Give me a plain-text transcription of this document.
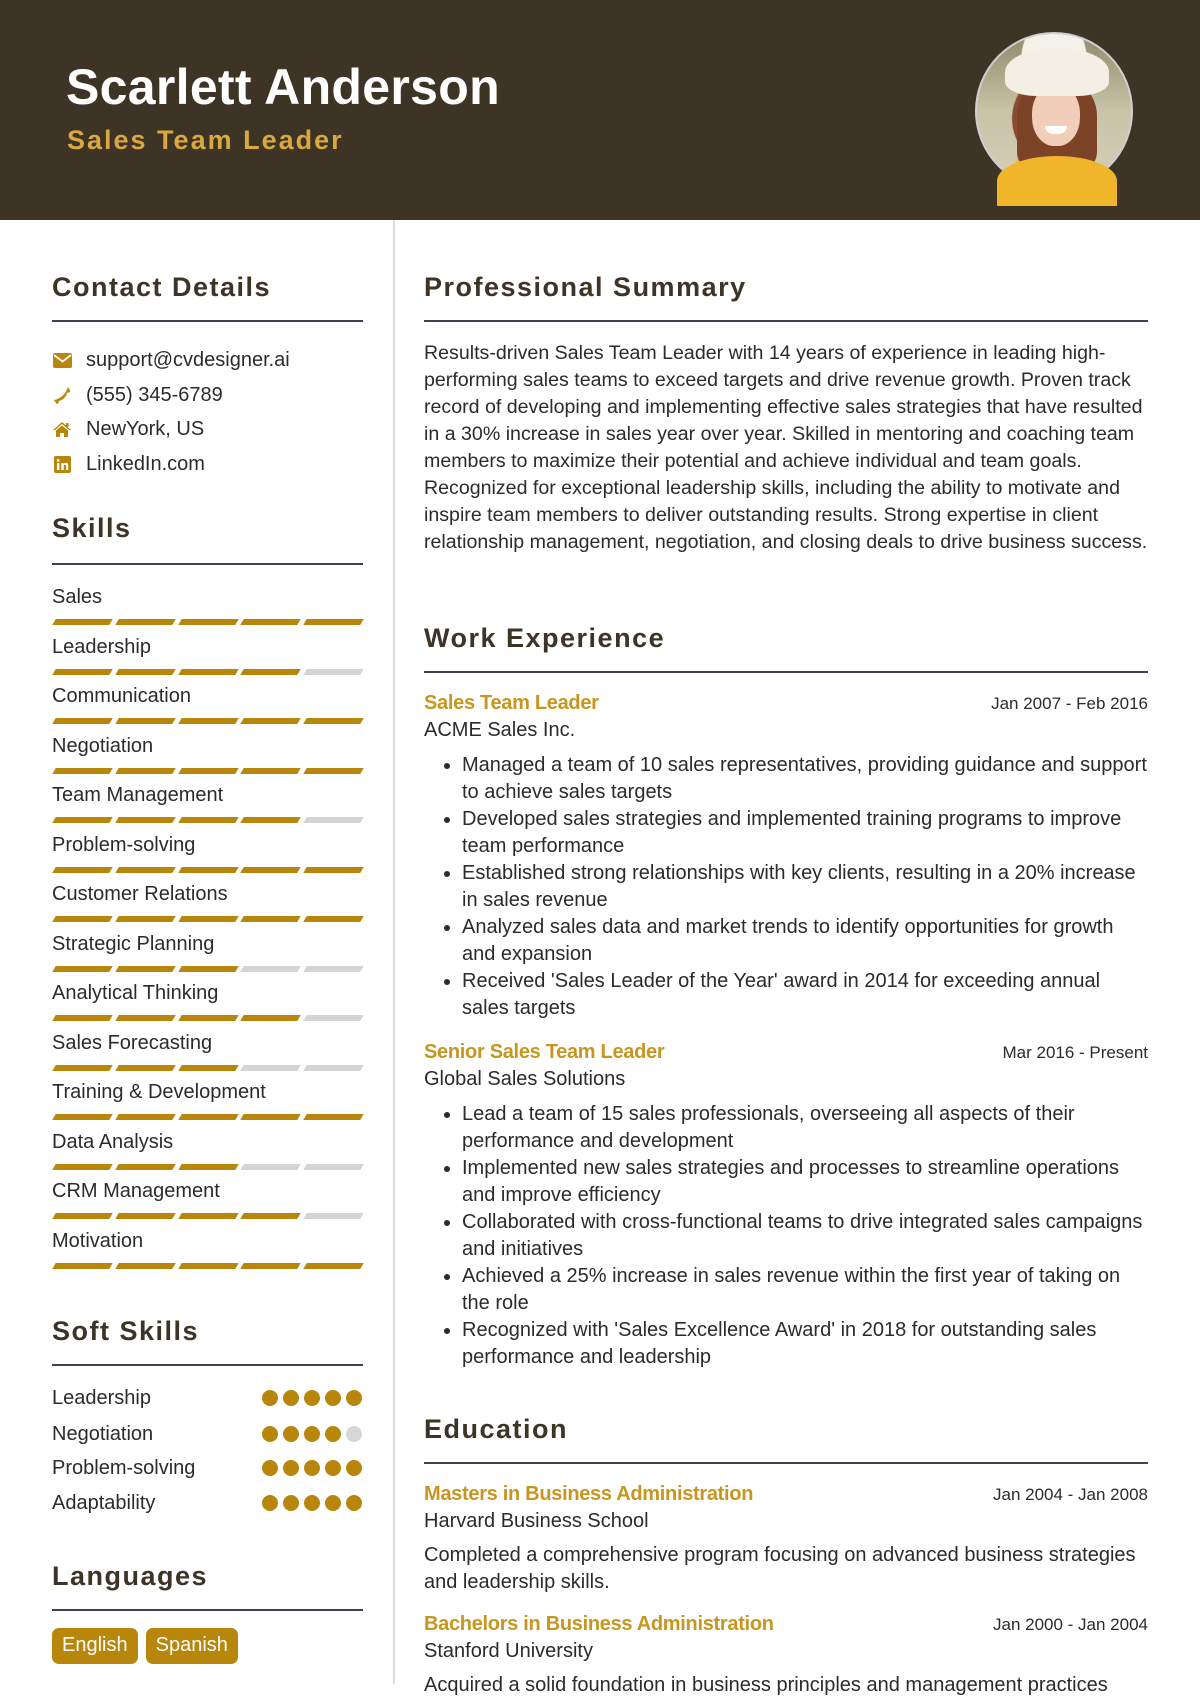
Scarlett Anderson
Sales Team Leader
Contact Details
support@cvdesigner.ai
(555) 345-6789
NewYork, US
LinkedIn.com
Skills
Sales
Leadership
Communication
Negotiation
Team Management
Problem-solving
Customer Relations
Strategic Planning
Analytical Thinking
Sales Forecasting
Training & Development
Data Analysis
CRM Management
Motivation
Soft Skills
Leadership
Negotiation
Problem-solving
Adaptability
Languages
English	Spanish
Professional Summary
Results-driven Sales Team Leader with 14 years of experience in leading high-performing sales teams to exceed targets and drive revenue growth. Proven track record of developing and implementing effective sales strategies that have resulted in a 30% increase in sales year over year. Skilled in mentoring and coaching team members to maximize their potential and achieve individual and team goals. Recognized for exceptional leadership skills, including the ability to motivate and inspire team members to deliver outstanding results. Strong expertise in client relationship management, negotiation, and closing deals to drive business success.
Work Experience
Sales Team Leader	Jan 2007 - Feb 2016
ACME Sales Inc.
• Managed a team of 10 sales representatives, providing guidance and support to achieve sales targets
• Developed sales strategies and implemented training programs to improve team performance
• Established strong relationships with key clients, resulting in a 20% increase in sales revenue
• Analyzed sales data and market trends to identify opportunities for growth and expansion
• Received 'Sales Leader of the Year' award in 2014 for exceeding annual sales targets
Senior Sales Team Leader	Mar 2016 - Present
Global Sales Solutions
• Lead a team of 15 sales professionals, overseeing all aspects of their performance and development
• Implemented new sales strategies and processes to streamline operations and improve efficiency
• Collaborated with cross-functional teams to drive integrated sales campaigns and initiatives
• Achieved a 25% increase in sales revenue within the first year of taking on the role
• Recognized with 'Sales Excellence Award' in 2018 for outstanding sales performance and leadership
Education
Masters in Business Administration	Jan 2004 - Jan 2008
Harvard Business School
Completed a comprehensive program focusing on advanced business strategies and leadership skills.
Bachelors in Business Administration	Jan 2000 - Jan 2004
Stanford University
Acquired a solid foundation in business principles and management practices
